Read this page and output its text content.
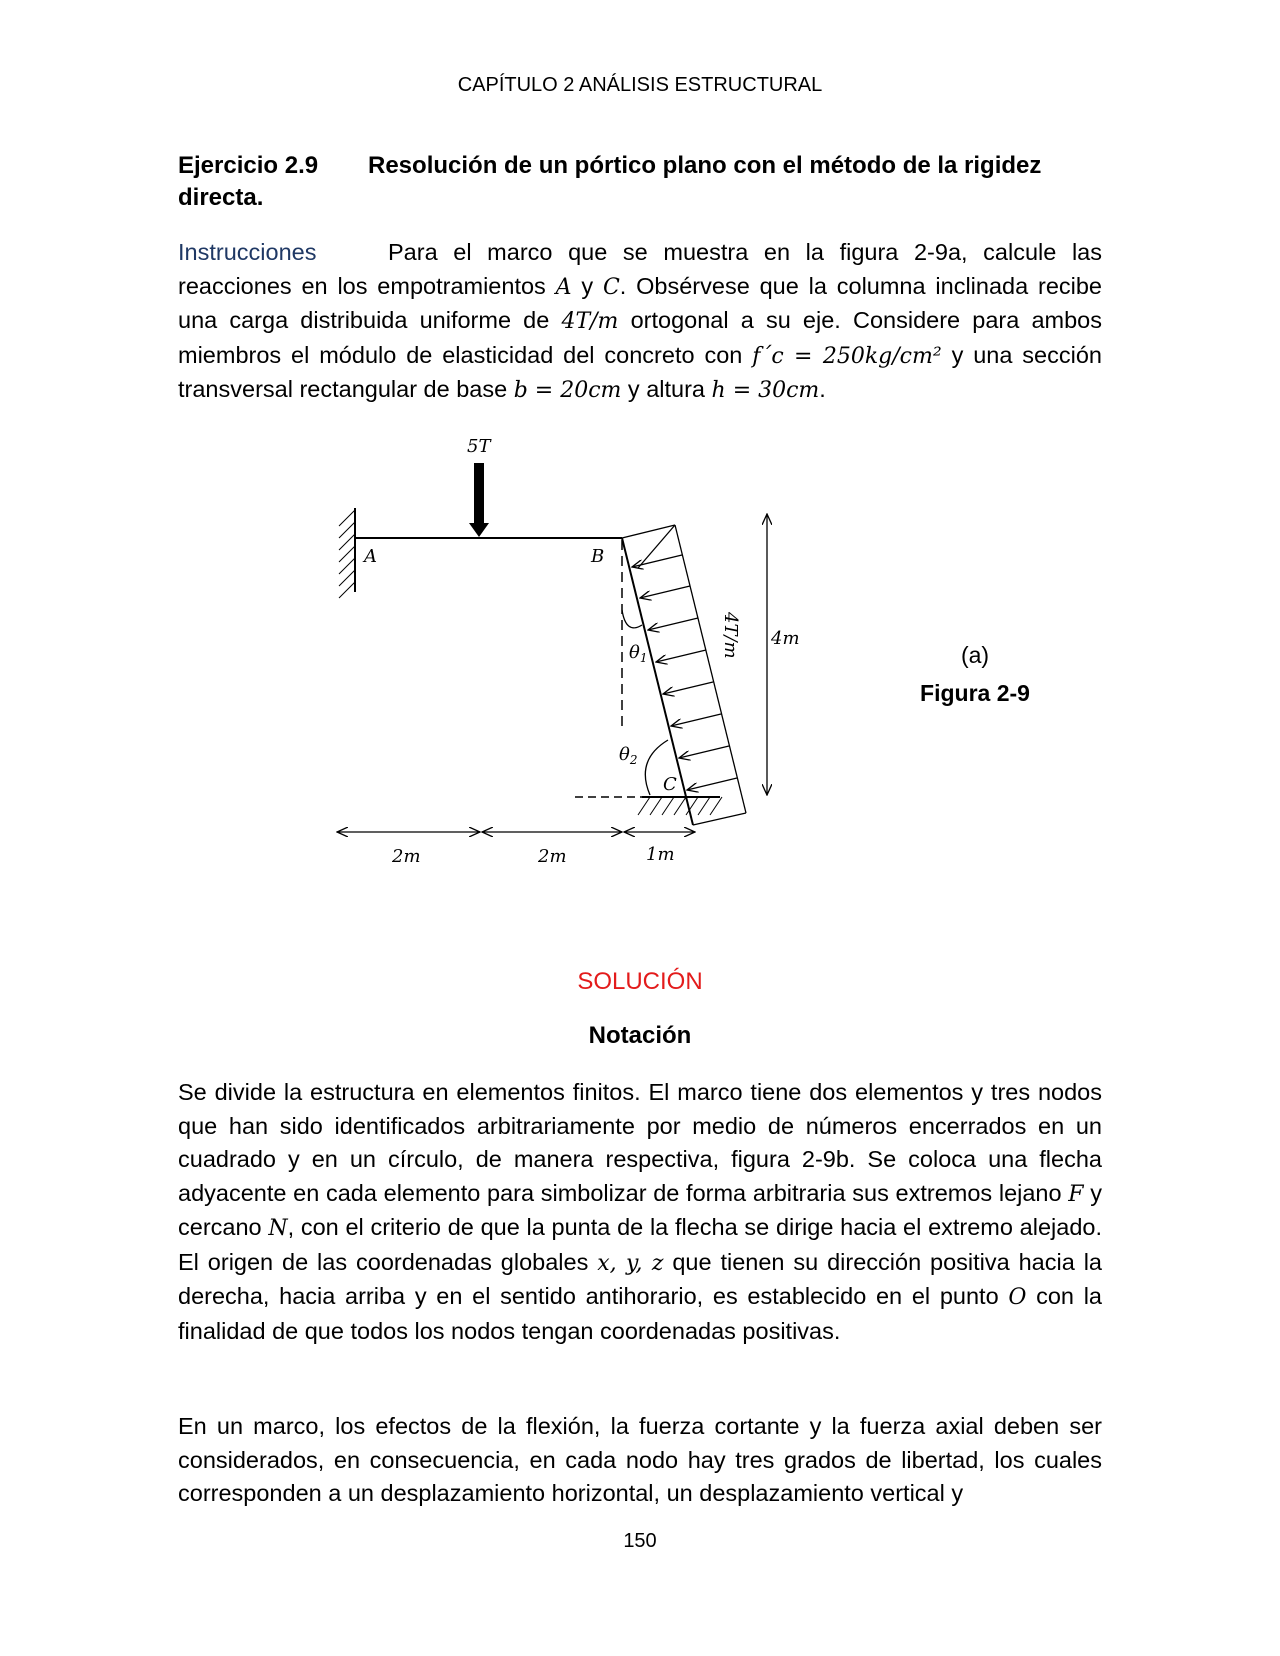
CAPÍTULO 2 ANÁLISIS ESTRUCTURAL
Ejercicio 2.9 Resolución de un pórtico plano con el método de la rigidez directa.
Instrucciones	Para el marco que se muestra en la figura 2-9a, calcule las reacciones en los empotramientos A y C. Obsérvese que la columna inclinada recibe una carga distribuida uniforme de 4T/m ortogonal a su eje. Considere para ambos miembros el módulo de elasticidad del concreto con f´c = 250kg/cm² y una sección transversal rectangular de base b = 20cm y altura h = 30cm.
5T
A	B
C
4T/m
$\theta_1$
$\theta_2$
4m
2m	2m	1m
(a)
Figura 2-9
SOLUCIÓN
Notación
Se divide la estructura en elementos finitos. El marco tiene dos elementos y tres nodos que han sido identificados arbitrariamente por medio de números encerrados en un cuadrado y en un círculo, de manera respectiva, figura 2-9b. Se coloca una flecha adyacente en cada elemento para simbolizar de forma arbitraria sus extremos lejano F y cercano N, con el criterio de que la punta de la flecha se dirige hacia el extremo alejado. El origen de las coordenadas globales x, y, z que tienen su dirección positiva hacia la derecha, hacia arriba y en el sentido antihorario, es establecido en el punto O con la finalidad de que todos los nodos tengan coordenadas positivas.
En un marco, los efectos de la flexión, la fuerza cortante y la fuerza axial deben ser considerados, en consecuencia, en cada nodo hay tres grados de libertad, los cuales corresponden a un desplazamiento horizontal, un desplazamiento vertical y
150
